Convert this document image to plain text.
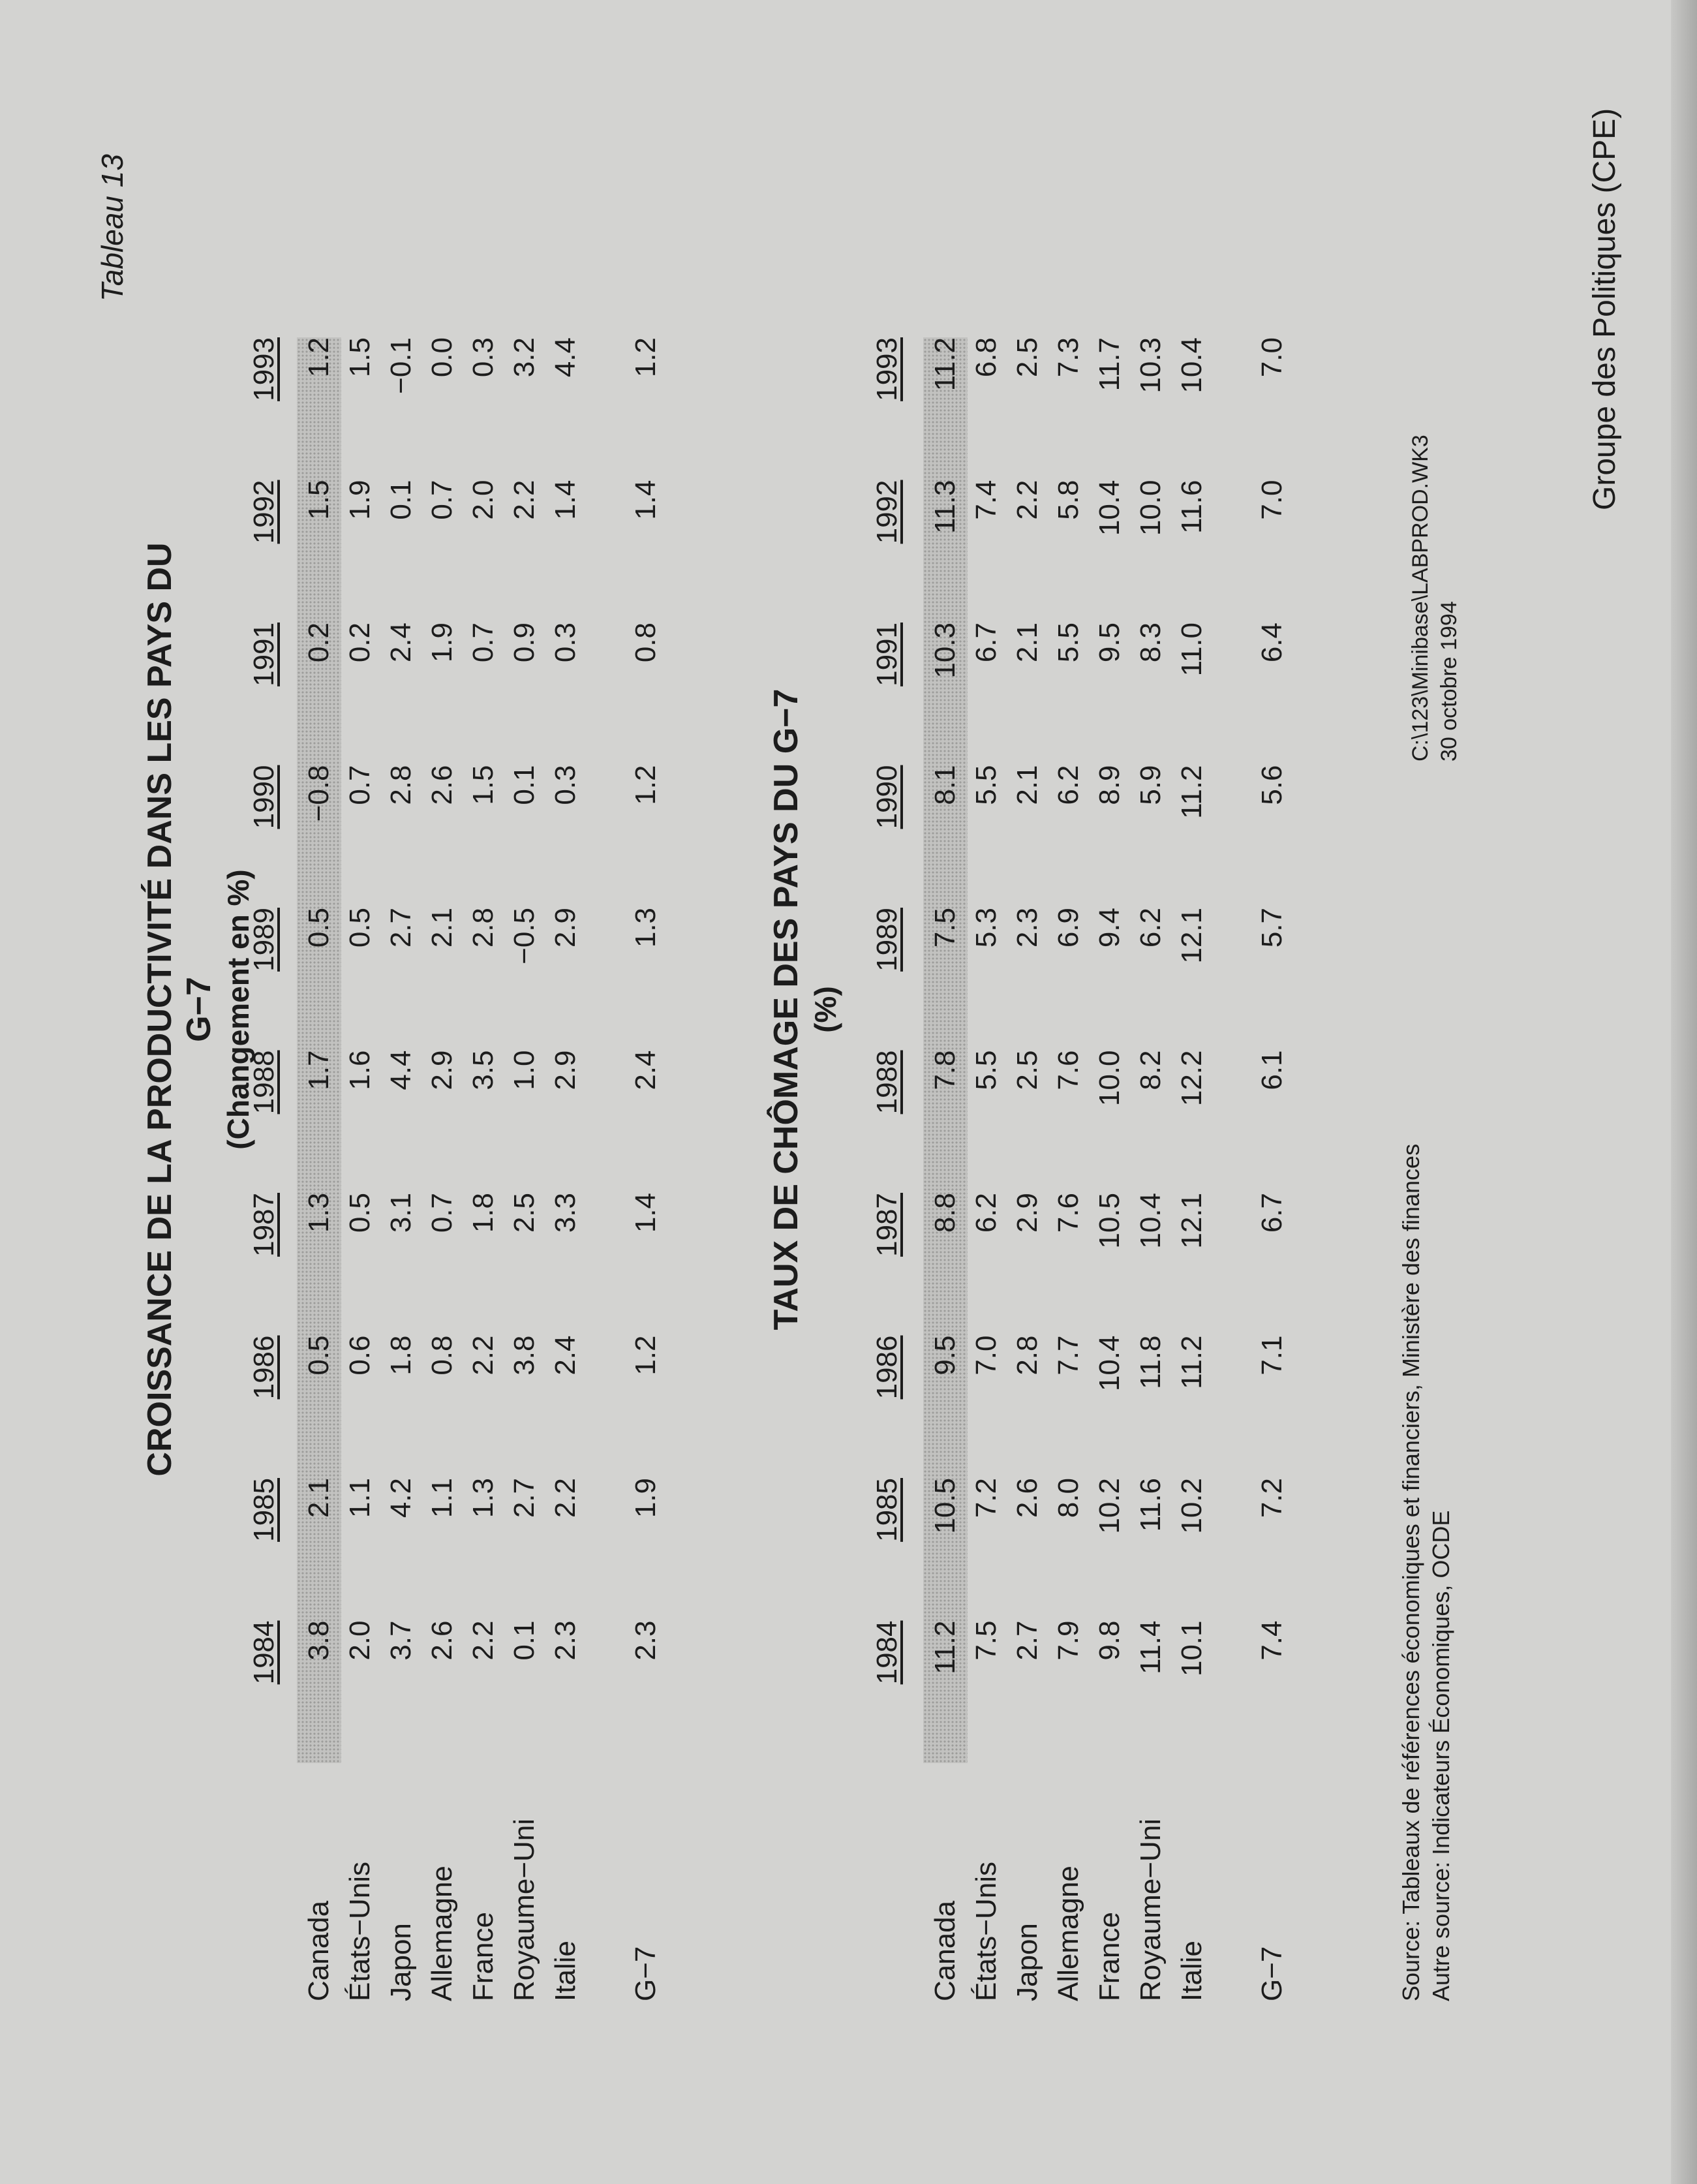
Tableau 13	Groupe des Politiques (CPE)
CROISSANCE DE LA PRODUCTIVITÉ DANS LES PAYS DU G−7 (Changement en %)
1984
1985
1986
1987
1988
1989
1990
1991
1992
1993
Canada
3.8
2.1
0.5
1.3
1.7
0.5
−0.8
0.2
1.5
1.2
États−Unis
2.0
1.1
0.6
0.5
1.6
0.5
0.7
0.2
1.9
1.5
Japon
3.7
4.2
1.8
3.1
4.4
2.7
2.8
2.4
0.1
−0.1
Allemagne
2.6
1.1
0.8
0.7
2.9
2.1
2.6
1.9
0.7
0.0
France
2.2
1.3
2.2
1.8
3.5
2.8
1.5
0.7
2.0
0.3
Royaume−Uni
0.1
2.7
3.8
2.5
1.0
−0.5
0.1
0.9
2.2
3.2
Italie
2.3
2.2
2.4
3.3
2.9
2.9
0.3
0.3
1.4
4.4
G−7
2.3
1.9
1.2
1.4
2.4
1.3
1.2
0.8
1.4
1.2
TAUX DE CHÔMAGE DES PAYS DU G−7 (%)
1984
1985
1986
1987
1988
1989
1990
1991
1992
1993
Canada
11.2
10.5
9.5
8.8
7.8
7.5
8.1
10.3
11.3
11.2
États−Unis
7.5
7.2
7.0
6.2
5.5
5.3
5.5
6.7
7.4
6.8
Japon
2.7
2.6
2.8
2.9
2.5
2.3
2.1
2.1
2.2
2.5
Allemagne
7.9
8.0
7.7
7.6
7.6
6.9
6.2
5.5
5.8
7.3
France
9.8
10.2
10.4
10.5
10.0
9.4
8.9
9.5
10.4
11.7
Royaume−Uni
11.4
11.6
11.8
10.4
8.2
6.2
5.9
8.3
10.0
10.3
Italie
10.1
10.2
11.2
12.1
12.2
12.1
11.2
11.0
11.6
10.4
G−7
7.4
7.2
7.1
6.7
6.1
5.7
5.6
6.4
7.0
7.0
Source: Tableaux de références économiques et financiers, Ministère des finances Autre source: Indicateurs Économiques, OCDE
C:\123\Minibase\LABPROD.WK3 30 octobre 1994
